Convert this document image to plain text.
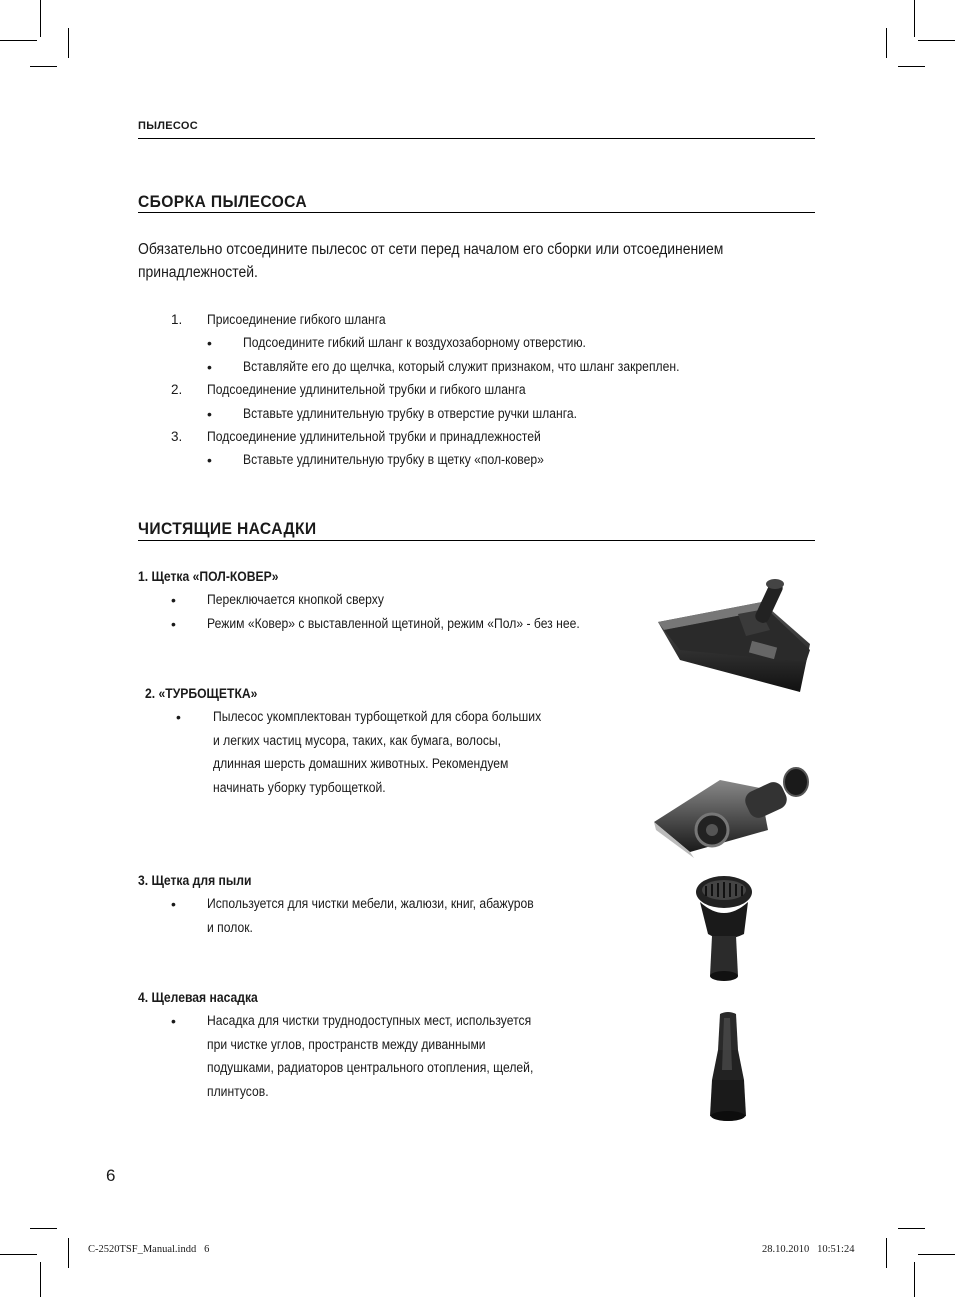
ПЫЛЕСОС
СБОРКА ПЫЛЕСОСА
Обязательно отсоедините пылесос от сети перед началом его сборки или отсоединением
принадлежностей.
1. Присоединение гибкого шланга
• Подсоедините гибкий шланг к воздухозаборному отверстию.
• Вставляйте его до щелчка, который служит признаком, что шланг закреплен.
2. Подсоединение удлинительной трубки и гибкого шланга
• Вставьте удлинительную трубку в отверстие ручки шланга.
3. Подсоединение удлинительной трубки и принадлежностей
• Вставьте удлинительную трубку в щетку «пол-ковер»
ЧИСТЯЩИЕ НАСАДКИ
1. Щетка «ПОЛ-КОВЕР»
• Переключается кнопкой сверху
• Режим «Ковер» с выставленной щетиной, режим «Пол» - без нее.
2. «ТУРБОЩЕТКА»
• Пылесос укомплектован турбощеткой для сбора больших
и легких частиц мусора, таких, как бумага, волосы,
длинная шерсть домашних животных. Рекомендуем
начинать уборку турбощеткой.
3. Щетка для пыли
• Используется для чистки мебели, жалюзи, книг, абажуров
и полок.
4. Щелевая насадка
• Насадка для чистки труднодоступных мест, используется
при чистке углов, пространств между диванными
подушками, радиаторов центрального отопления, щелей,
плинтусов.
6
C-2520TSF_Manual.indd   6	28.10.2010   10:51:24
